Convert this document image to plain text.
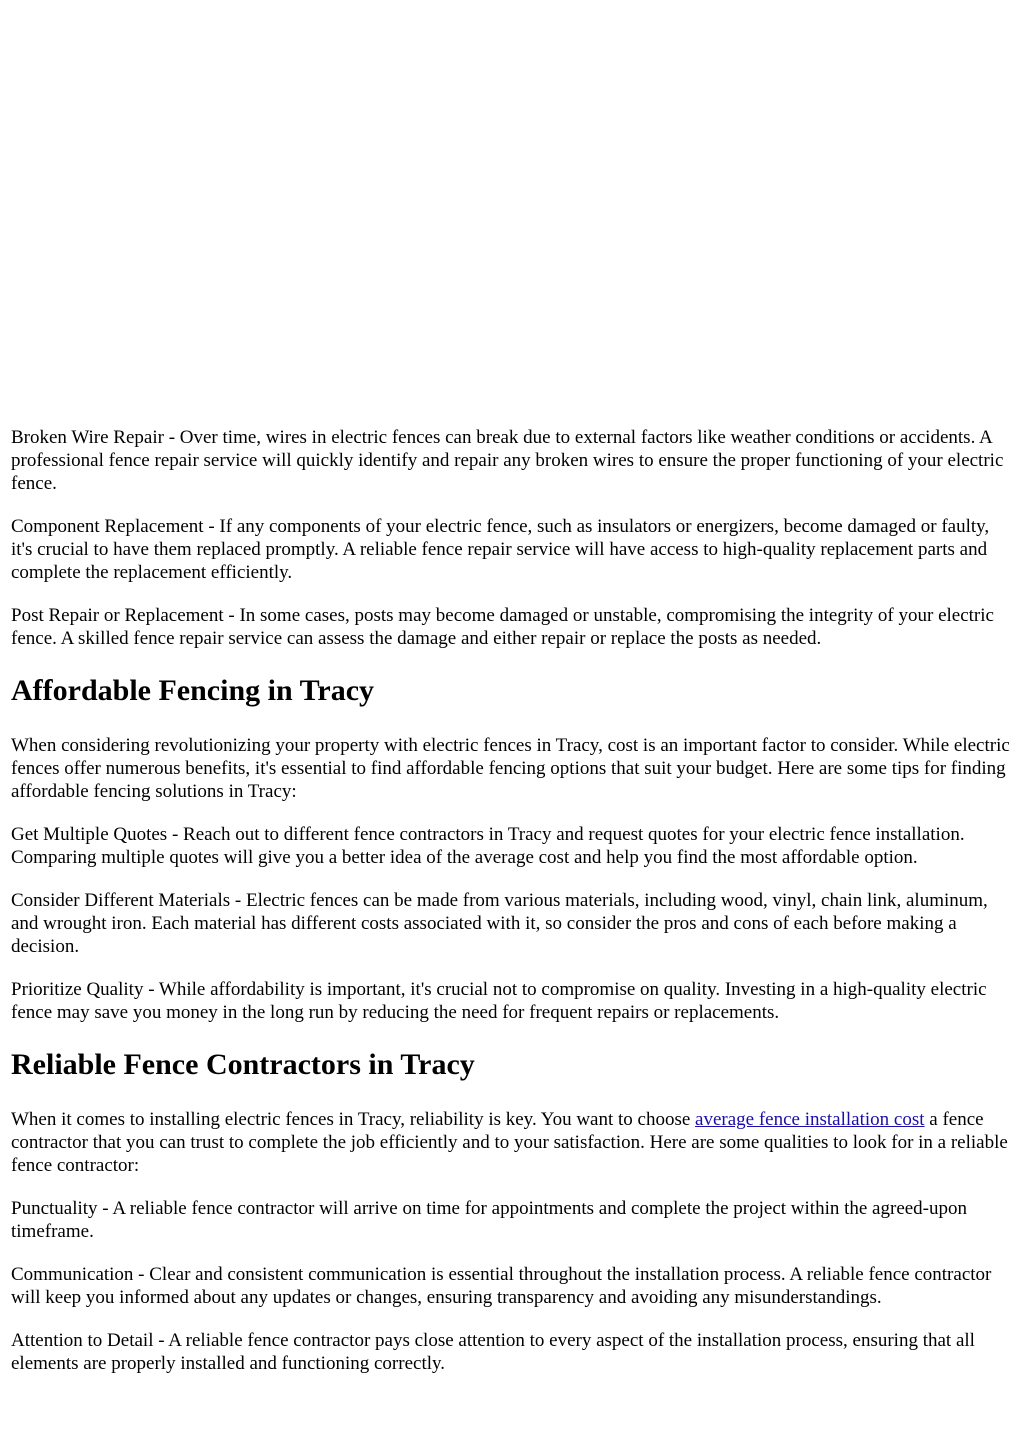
Broken Wire Repair - Over time, wires in electric fences can break due to external factors like weather conditions or accidents. A professional fence repair service will quickly identify and repair any broken wires to ensure the proper functioning of your electric fence.

Component Replacement - If any components of your electric fence, such as insulators or energizers, become damaged or faulty, it's crucial to have them replaced promptly. A reliable fence repair service will have access to high-quality replacement parts and complete the replacement efficiently.

Post Repair or Replacement - In some cases, posts may become damaged or unstable, compromising the integrity of your electric fence. A skilled fence repair service can assess the damage and either repair or replace the posts as needed.

Affordable Fencing in Tracy

When considering revolutionizing your property with electric fences in Tracy, cost is an important factor to consider. While electric fences offer numerous benefits, it's essential to find affordable fencing options that suit your budget. Here are some tips for finding affordable fencing solutions in Tracy:

Get Multiple Quotes - Reach out to different fence contractors in Tracy and request quotes for your electric fence installation. Comparing multiple quotes will give you a better idea of the average cost and help you find the most affordable option.

Consider Different Materials - Electric fences can be made from various materials, including wood, vinyl, chain link, aluminum, and wrought iron. Each material has different costs associated with it, so consider the pros and cons of each before making a decision.

Prioritize Quality - While affordability is important, it's crucial not to compromise on quality. Investing in a high-quality electric fence may save you money in the long run by reducing the need for frequent repairs or replacements.

Reliable Fence Contractors in Tracy

When it comes to installing electric fences in Tracy, reliability is key. You want to choose average fence installation cost a fence contractor that you can trust to complete the job efficiently and to your satisfaction. Here are some qualities to look for in a reliable fence contractor:

Punctuality - A reliable fence contractor will arrive on time for appointments and complete the project within the agreed-upon timeframe.

Communication - Clear and consistent communication is essential throughout the installation process. A reliable fence contractor will keep you informed about any updates or changes, ensuring transparency and avoiding any misunderstandings.

Attention to Detail - A reliable fence contractor pays close attention to every aspect of the installation process, ensuring that all elements are properly installed and functioning correctly.
